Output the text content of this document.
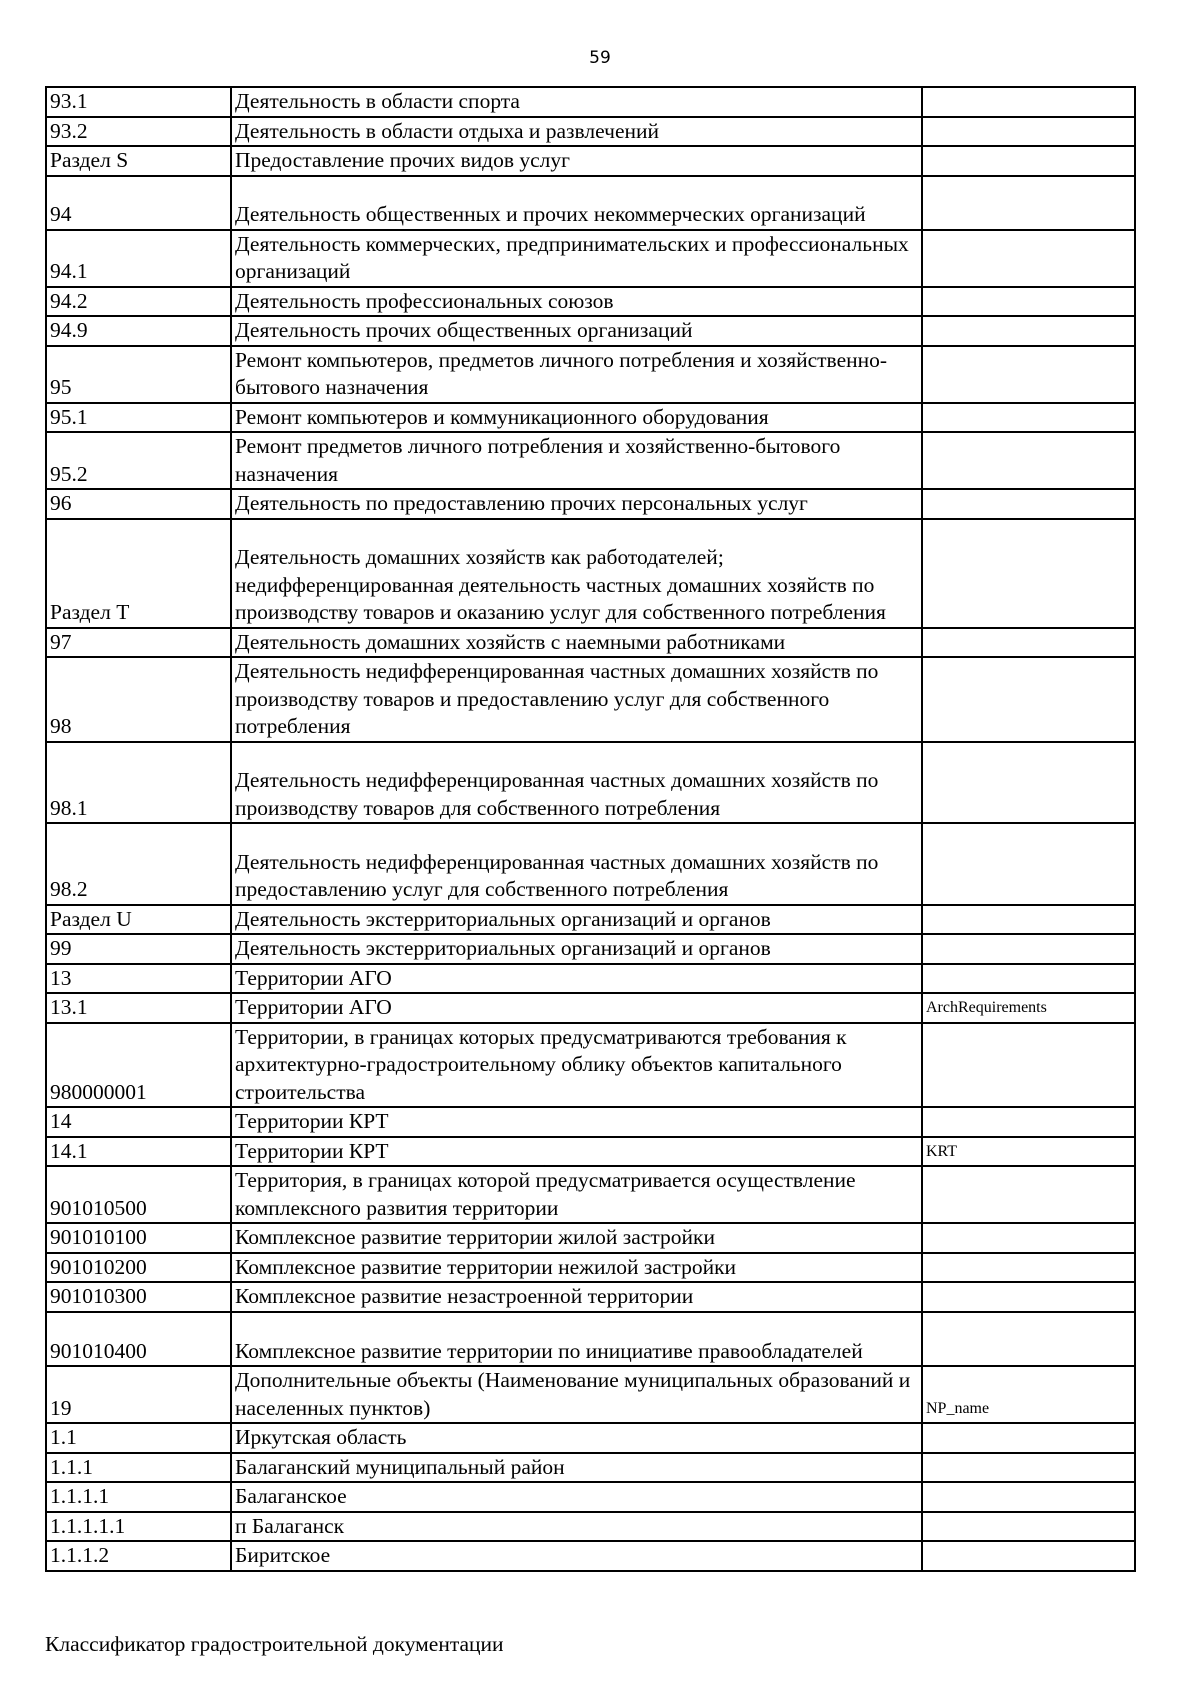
59
93.1	Деятельность в области спорта	
93.2	Деятельность в области отдыха и развлечений	
Раздел S	Предоставление прочих видов услуг	
94	Деятельность общественных и прочих некоммерческих организаций	
94.1	Деятельность коммерческих, предпринимательских и профессиональных организаций	
94.2	Деятельность профессиональных союзов	
94.9	Деятельность прочих общественных организаций	
95	Ремонт компьютеров, предметов личного потребления и хозяйственно-бытового назначения	
95.1	Ремонт компьютеров и коммуникационного оборудования	
95.2	Ремонт предметов личного потребления и хозяйственно-бытового назначения	
96	Деятельность по предоставлению прочих персональных услуг	
Раздел T	Деятельность домашних хозяйств как работодателей; недифференцированная деятельность частных домашних хозяйств по производству товаров и оказанию услуг для собственного потребления	
97	Деятельность домашних хозяйств с наемными работниками	
98	Деятельность недифференцированная частных домашних хозяйств по производству товаров и предоставлению услуг для собственного потребления	
98.1	Деятельность недифференцированная частных домашних хозяйств по производству товаров для собственного потребления	
98.2	Деятельность недифференцированная частных домашних хозяйств по предоставлению услуг для собственного потребления	
Раздел U	Деятельность экстерриториальных организаций и органов	
99	Деятельность экстерриториальных организаций и органов	
13	Территории АГО	
13.1	Территории АГО	ArchRequirements
980000001	Территории, в границах которых предусматриваются требования к архитектурно-градостроительному облику объектов капитального строительства	
14	Территории КРТ	
14.1	Территории КРТ	KRT
901010500	Территория, в границах которой предусматривается осуществление комплексного развития территории	
901010100	Комплексное развитие территории жилой застройки	
901010200	Комплексное развитие территории нежилой застройки	
901010300	Комплексное развитие незастроенной территории	
901010400	Комплексное развитие территории по инициативе правообладателей	
19	Дополнительные объекты (Наименование муниципальных образований и населенных пунктов)	NP_name
1.1	Иркутская область	
1.1.1	Балаганский муниципальный район	
1.1.1.1	Балаганское	
1.1.1.1.1	п Балаганск	
1.1.1.2	Биритское	
Классификатор градостроительной документации
